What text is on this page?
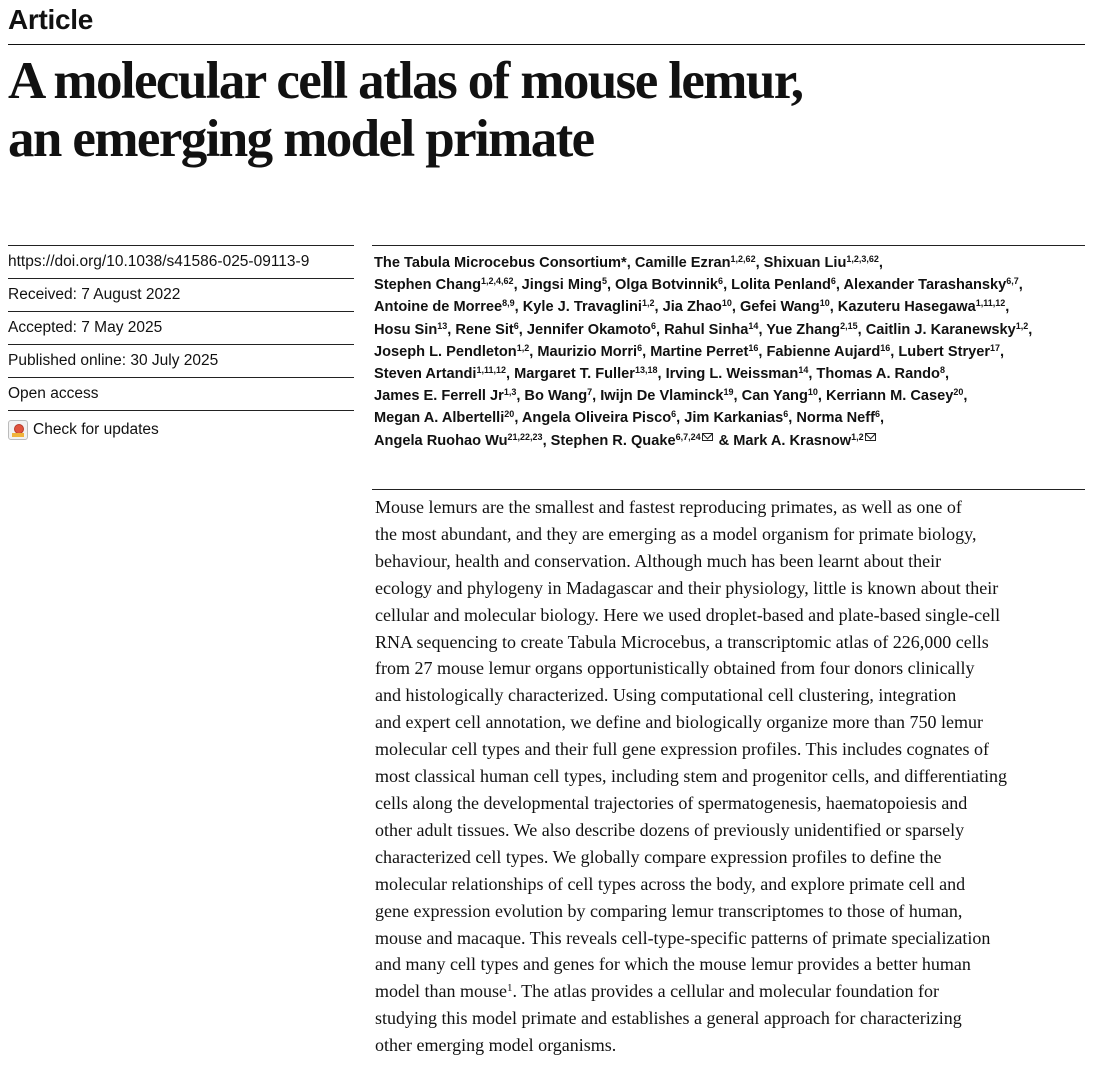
Article
A molecular cell atlas of mouse lemur,
an emerging model primate
https://doi.org/10.1038/s41586-025-09113-9
Received: 7 August 2022
Accepted: 7 May 2025
Published online: 30 July 2025
Open access
Check for updates
The Tabula Microcebus Consortium*, Camille Ezran$^{1,2,62}$, Shixuan Liu$^{1,2,3,62}$,
Stephen Chang$^{1,2,4,62}$, Jingsi Ming$^5$, Olga Botvinnik$^6$, Lolita Penland$^6$, Alexander Tarashansky$^{6,7}$,
Antoine de Morree$^{8,9}$, Kyle J. Travaglini$^{1,2}$, Jia Zhao$^{10}$, Gefei Wang$^{10}$, Kazuteru Hasegawa$^{1,11,12}$,
Hosu Sin$^{13}$, Rene Sit$^6$, Jennifer Okamoto$^6$, Rahul Sinha$^{14}$, Yue Zhang$^{2,15}$, Caitlin J. Karanewsky$^{1,2}$,
Joseph L. Pendleton$^{1,2}$, Maurizio Morri$^6$, Martine Perret$^{16}$, Fabienne Aujard$^{16}$, Lubert Stryer$^{17}$,
Steven Artandi$^{1,11,12}$, Margaret T. Fuller$^{13,18}$, Irving L. Weissman$^{14}$, Thomas A. Rando$^8$,
James E. Ferrell Jr$^{1,3}$, Bo Wang$^7$, Iwijn De Vlaminck$^{19}$, Can Yang$^{10}$, Kerriann M. Casey$^{20}$,
Megan A. Albertelli$^{20}$, Angela Oliveira Pisco$^6$, Jim Karkanias$^6$, Norma Neff$^6$,
Angela Ruohao Wu$^{21,22,23}$, Stephen R. Quake$^{6,7,24}$ & Mark A. Krasnow$^{1,2}$
Mouse lemurs are the smallest and fastest reproducing primates, as well as one of
the most abundant, and they are emerging as a model organism for primate biology,
behaviour, health and conservation. Although much has been learnt about their
ecology and phylogeny in Madagascar and their physiology, little is known about their
cellular and molecular biology. Here we used droplet-based and plate-based single-cell
RNA sequencing to create Tabula Microcebus, a transcriptomic atlas of 226,000 cells
from 27 mouse lemur organs opportunistically obtained from four donors clinically
and histologically characterized. Using computational cell clustering, integration
and expert cell annotation, we define and biologically organize more than 750 lemur
molecular cell types and their full gene expression profiles. This includes cognates of
most classical human cell types, including stem and progenitor cells, and differentiating
cells along the developmental trajectories of spermatogenesis, haematopoiesis and
other adult tissues. We also describe dozens of previously unidentified or sparsely
characterized cell types. We globally compare expression profiles to define the
molecular relationships of cell types across the body, and explore primate cell and
gene expression evolution by comparing lemur transcriptomes to those of human,
mouse and macaque. This reveals cell-type-specific patterns of primate specialization
and many cell types and genes for which the mouse lemur provides a better human
model than mouse$^1$. The atlas provides a cellular and molecular foundation for
studying this model primate and establishes a general approach for characterizing
other emerging model organisms.
